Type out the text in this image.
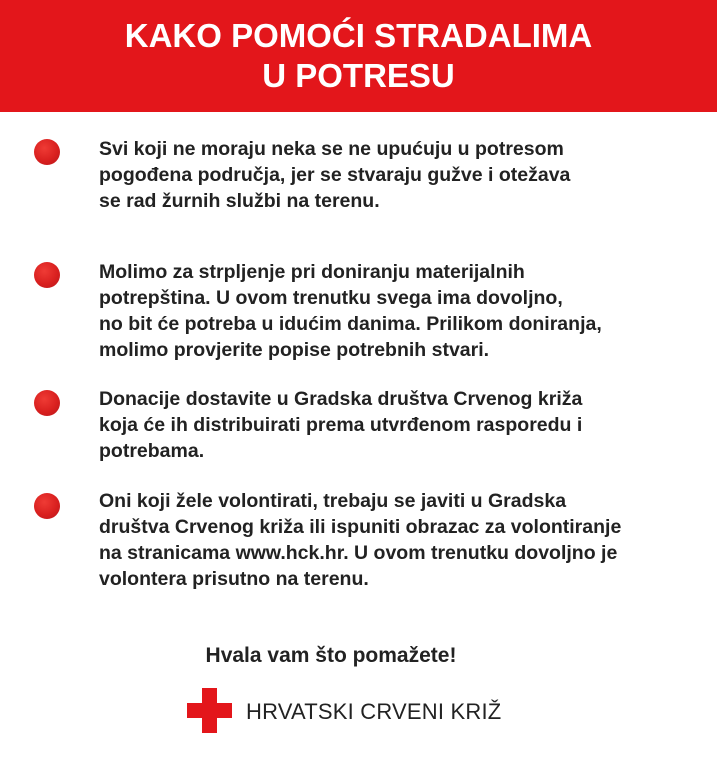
KAKO POMOĆI STRADALIMA
U POTRESU
Svi koji ne moraju neka se ne upućuju u potresom
pogođena područja, jer se stvaraju gužve i otežava
se rad žurnih službi na terenu.
Molimo za strpljenje pri doniranju materijalnih
potrepština. U ovom trenutku svega ima dovoljno,
no bit će potreba u idućim danima. Prilikom doniranja,
molimo provjerite popise potrebnih stvari.
Donacije dostavite u Gradska društva Crvenog križa
koja će ih distribuirati prema utvrđenom rasporedu i
potrebama.
Oni koji žele volontirati, trebaju se javiti u Gradska
društva Crvenog križa ili ispuniti obrazac za volontiranje
na stranicama www.hck.hr. U ovom trenutku dovoljno je
volontera prisutno na terenu.
Hvala vam što pomažete!
HRVATSKI CRVENI KRIŽ
